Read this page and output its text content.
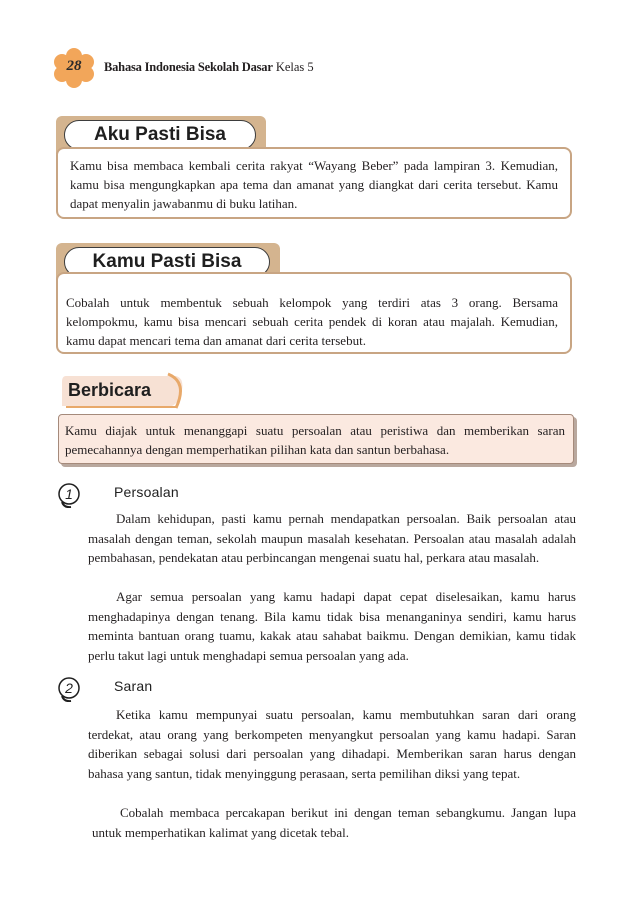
28	Bahasa Indonesia Sekolah Dasar Kelas 5
Aku Pasti Bisa

Kamu bisa membaca kembali cerita rakyat “Wayang Beber” pada lampiran 3. Kemudian, kamu bisa mengungkapkan apa tema dan amanat yang diangkat dari cerita tersebut. Kamu dapat menyalin jawabanmu di buku latihan.

Kamu Pasti Bisa

Cobalah untuk membentuk sebuah kelompok yang terdiri atas 3 orang. Bersama kelompokmu, kamu bisa mencari sebuah cerita pendek di koran atau majalah. Kemudian, kamu dapat mencari tema dan amanat dari cerita tersebut.

Berbicara

Kamu diajak untuk menanggapi suatu persoalan atau peristiwa dan memberikan saran pemecahannya dengan memperhatikan pilihan kata dan santun berbahasa.

1	Persoalan

Dalam kehidupan, pasti kamu pernah mendapatkan persoalan. Baik persoalan atau masalah dengan teman, sekolah maupun masalah kesehatan. Persoalan atau masalah adalah pembahasan, pendekatan atau perbincangan mengenai suatu hal, perkara atau masalah.

Agar semua persoalan yang kamu hadapi dapat cepat diselesaikan, kamu harus menghadapinya dengan tenang. Bila kamu tidak bisa menanganinya sendiri, kamu harus meminta bantuan orang tuamu, kakak atau sahabat baikmu. Dengan demikian, kamu tidak perlu takut lagi untuk menghadapi semua persoalan yang ada.

2	Saran

Ketika kamu mempunyai suatu persoalan, kamu membutuhkan saran dari orang terdekat, atau orang yang berkompeten menyangkut persoalan yang kamu hadapi. Saran diberikan sebagai solusi dari persoalan yang dihadapi. Memberikan saran harus dengan bahasa yang santun, tidak menyinggung perasaan, serta pemilihan diksi yang tepat.

Cobalah membaca percakapan berikut ini dengan teman sebangkumu. Jangan lupa untuk memperhatikan kalimat yang dicetak tebal.
